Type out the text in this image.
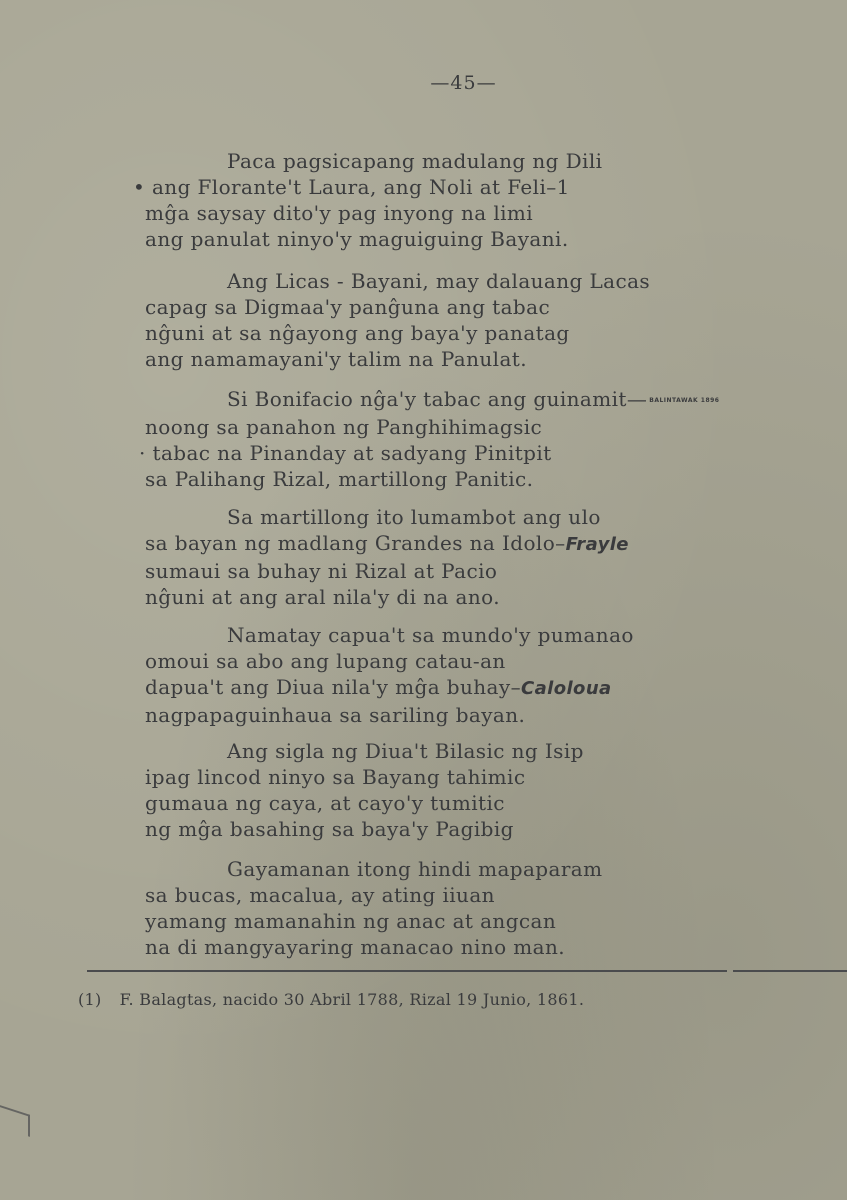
—45—
Paca pagsicapang madulang ng Dili
• ang Florante't Laura, ang Noli at Feli–1
mĝa saysay dito'y pag inyong na limi
ang panulat ninyo'y maguiguing Bayani.
Ang Licas - Bayani, may dalauang Lacas
capag sa Digmaa'y panĝuna ang tabac
nĝuni at sa nĝayong ang baya'y panatag
ang namamayani'y talim na Panulat.
Si Bonifacio nĝa'y tabac ang guinamit— BALINTAWAK 1896
noong sa panahon ng Panghihimagsic
· tabac na Pinanday at sadyang Pinitpit
sa Palihang Rizal, martillong Panitic.
Sa martillong ito lumambot ang ulo
sa bayan ng madlang Grandes na Idolo–Frayle
sumaui sa buhay ni Rizal at Pacio
nĝuni at ang aral nila'y di na ano.
Namatay capua't sa mundo'y pumanao
omoui sa abo ang lupang catau-an
dapua't ang Diua nila'y mĝa buhay–Caloloua
nagpapaguinhaua sa sariling bayan.
Ang sigla ng Diua't Bilasic ng Isip
ipag lincod ninyo sa Bayang tahimic
gumaua ng caya, at cayo'y tumitic
ng mĝa basahing sa baya'y Pagibig
Gayamanan itong hindi mapaparam
sa bucas, macalua, ay ating iiuan
yamang mamanahin ng anac at angcan
na di mangyayaring manacao nino man.
(1) F. Balagtas, nacido 30 Abril 1788, Rizal 19 Junio, 1861.
